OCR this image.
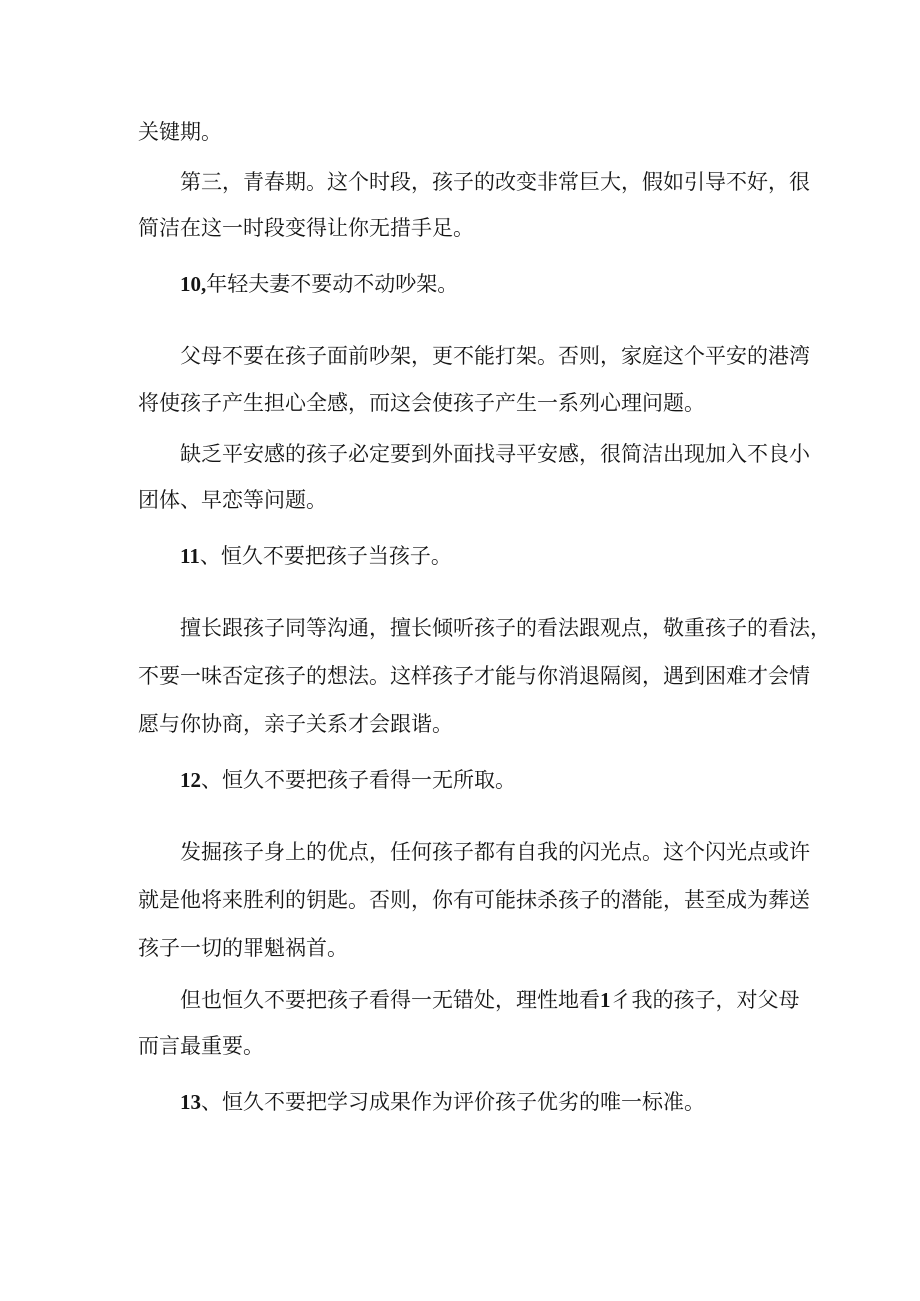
关键期。

第三，青春期。这个时段，孩子的改变非常巨大，假如引导不好，很

简洁在这一时段变得让你无措手足。

10,年轻夫妻不要动不动吵架。

父母不要在孩子面前吵架，更不能打架。否则，家庭这个平安的港湾

将使孩子产生担心全感，而这会使孩子产生一系列心理问题。

缺乏平安感的孩子必定要到外面找寻平安感，很简洁出现加入不良小

团体、早恋等问题。

11、恒久不要把孩子当孩子。

擅长跟孩子同等沟通，擅长倾听孩子的看法跟观点，敬重孩子的看法，

不要一味否定孩子的想法。这样孩子才能与你消退隔阂，遇到困难才会情

愿与你协商，亲子关系才会跟谐。

12、恒久不要把孩子看得一无所取。

发掘孩子身上的优点，任何孩子都有自我的闪光点。这个闪光点或许

就是他将来胜利的钥匙。否则，你有可能抹杀孩子的潜能，甚至成为葬送

孩子一切的罪魁祸首。

但也恒久不要把孩子看得一无错处，理性地看1彳我的孩子，对父母

而言最重要。

13、恒久不要把学习成果作为评价孩子优劣的唯一标准。
